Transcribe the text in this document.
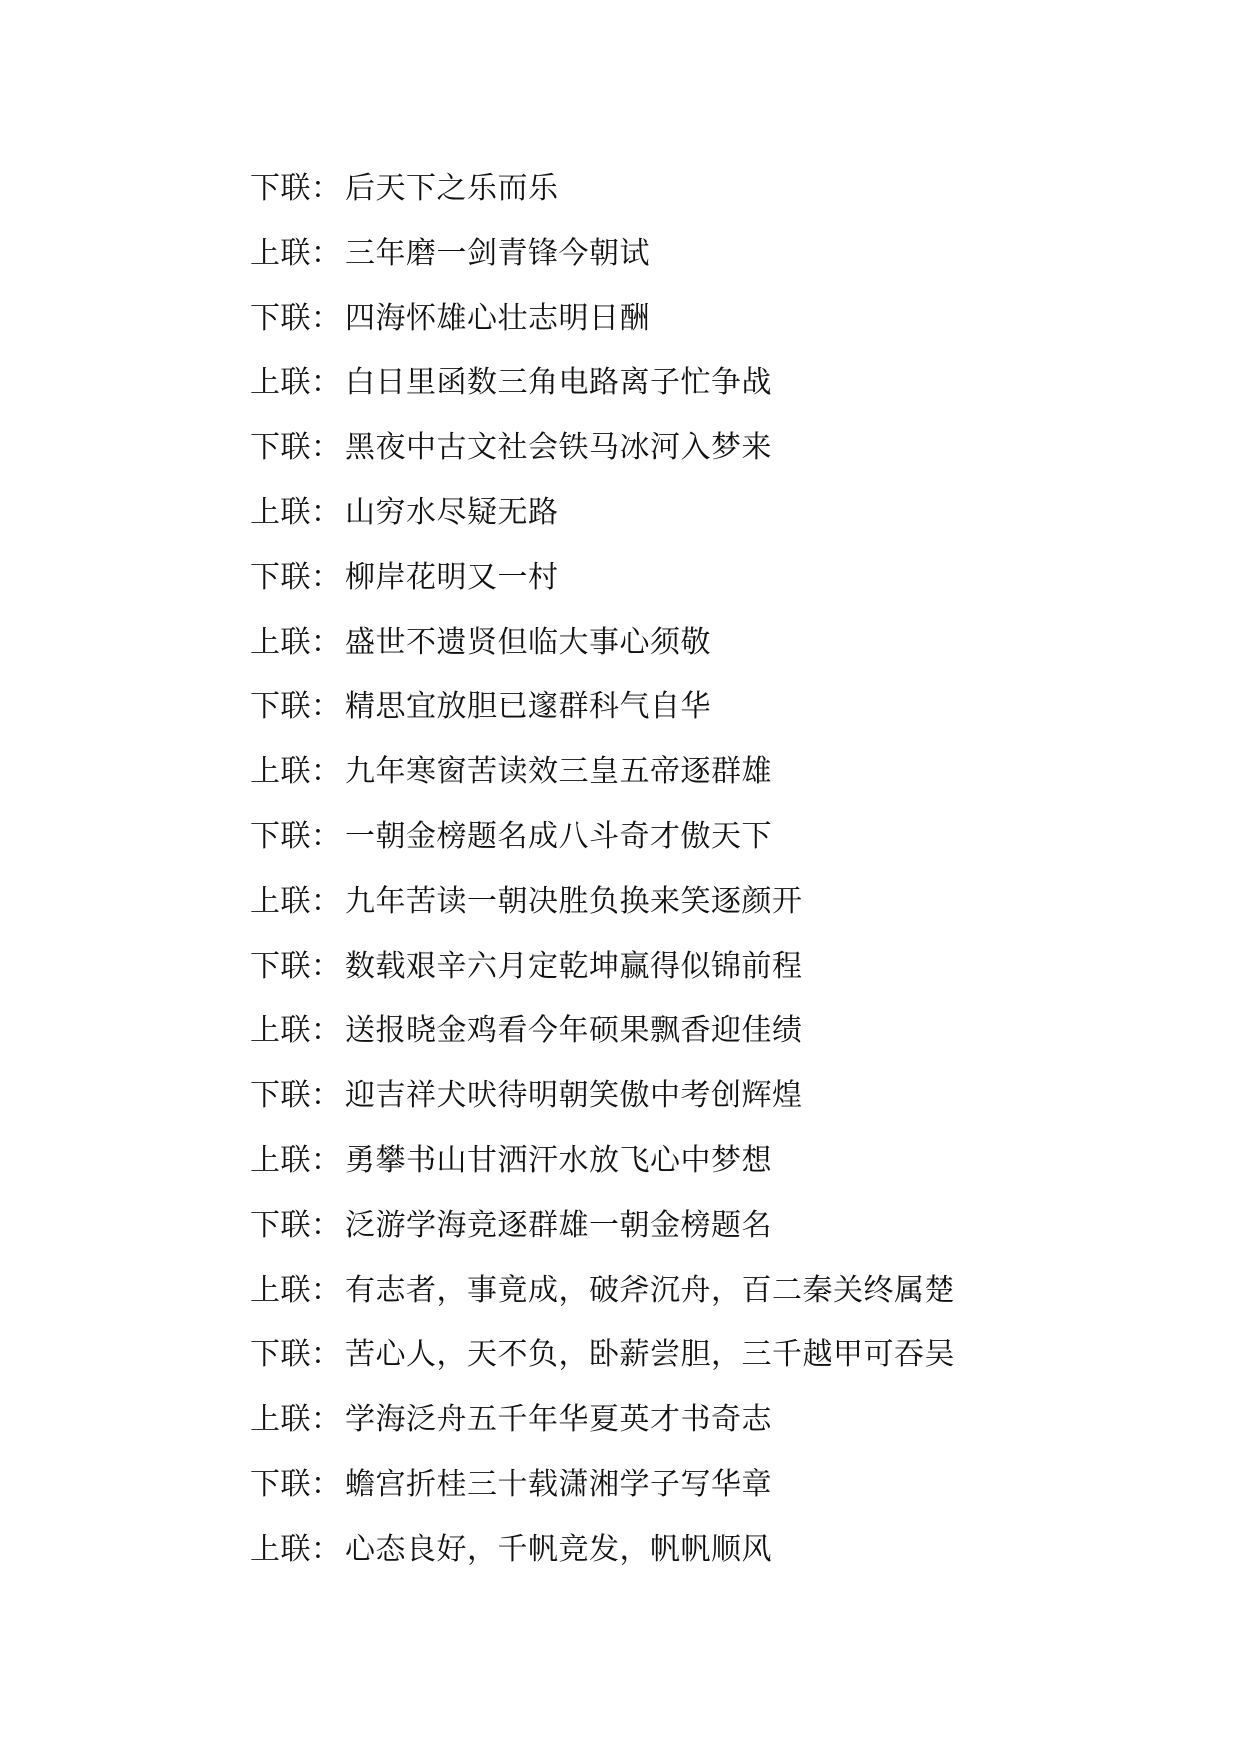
下联： 后天下之乐而乐
上联： 三年磨一剑青锋今朝试
下联： 四海怀雄心壮志明日酬
上联： 白日里函数三角电路离子忙争战
下联： 黑夜中古文社会铁马冰河入梦来
上联： 山穷水尽疑无路
下联： 柳岸花明又一村
上联： 盛世不遗贤但临大事心须敬
下联： 精思宜放胆已邃群科气自华
上联： 九年寒窗苦读效三皇五帝逐群雄
下联： 一朝金榜题名成八斗奇才傲天下
上联： 九年苦读一朝决胜负换来笑逐颜开
下联： 数载艰辛六月定乾坤赢得似锦前程
上联： 送报晓金鸡看今年硕果飘香迎佳绩
下联： 迎吉祥犬吠待明朝笑傲中考创辉煌
上联： 勇攀书山甘洒汗水放飞心中梦想
下联： 泛游学海竞逐群雄一朝金榜题名
上联： 有志者，事竟成，破斧沉舟，百二秦关终属楚
下联： 苦心人，天不负，卧薪尝胆，三千越甲可吞吴
上联： 学海泛舟五千年华夏英才书奇志
下联： 蟾宫折桂三十载潇湘学子写华章
上联： 心态良好，千帆竞发，帆帆顺风
